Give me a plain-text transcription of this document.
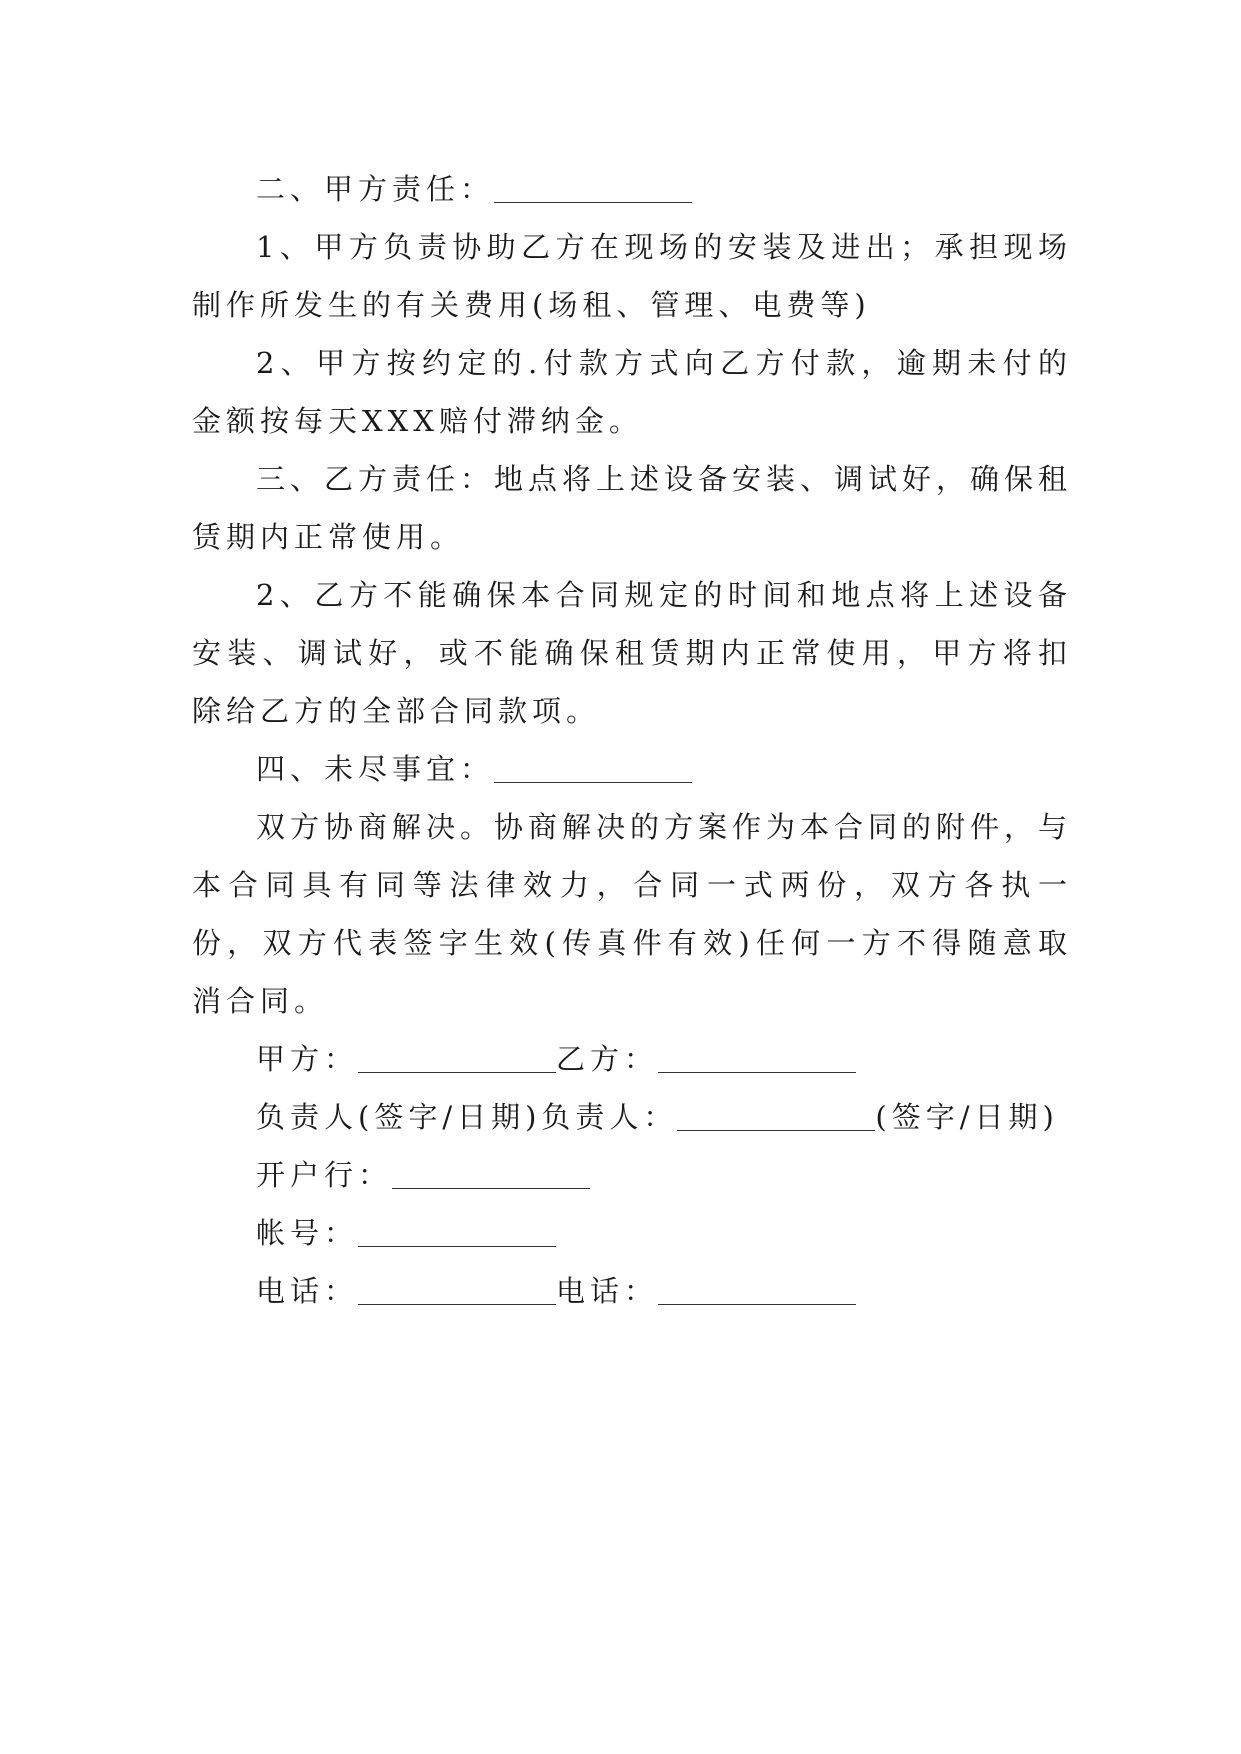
二、甲方责任：

1、甲方负责协助乙方在现场的安装及进出；承担现场制作所发生的有关费用(场租、管理、电费等)

2、甲方按约定的.付款方式向乙方付款，逾期未付的金额按每天XXX赔付滞纳金。

三、乙方责任：地点将上述设备安装、调试好，确保租赁期内正常使用。

2、乙方不能确保本合同规定的时间和地点将上述设备安装、调试好，或不能确保租赁期内正常使用，甲方将扣除给乙方的全部合同款项。

四、未尽事宜：

双方协商解决。协商解决的方案作为本合同的附件，与本合同具有同等法律效力，合同一式两份，双方各执一份，双方代表签字生效(传真件有效)任何一方不得随意取消合同。

甲方：	乙方：

负责人(签字/日期)负责人：	(签字/日期)

开户行：

帐号：

电话：	电话：
